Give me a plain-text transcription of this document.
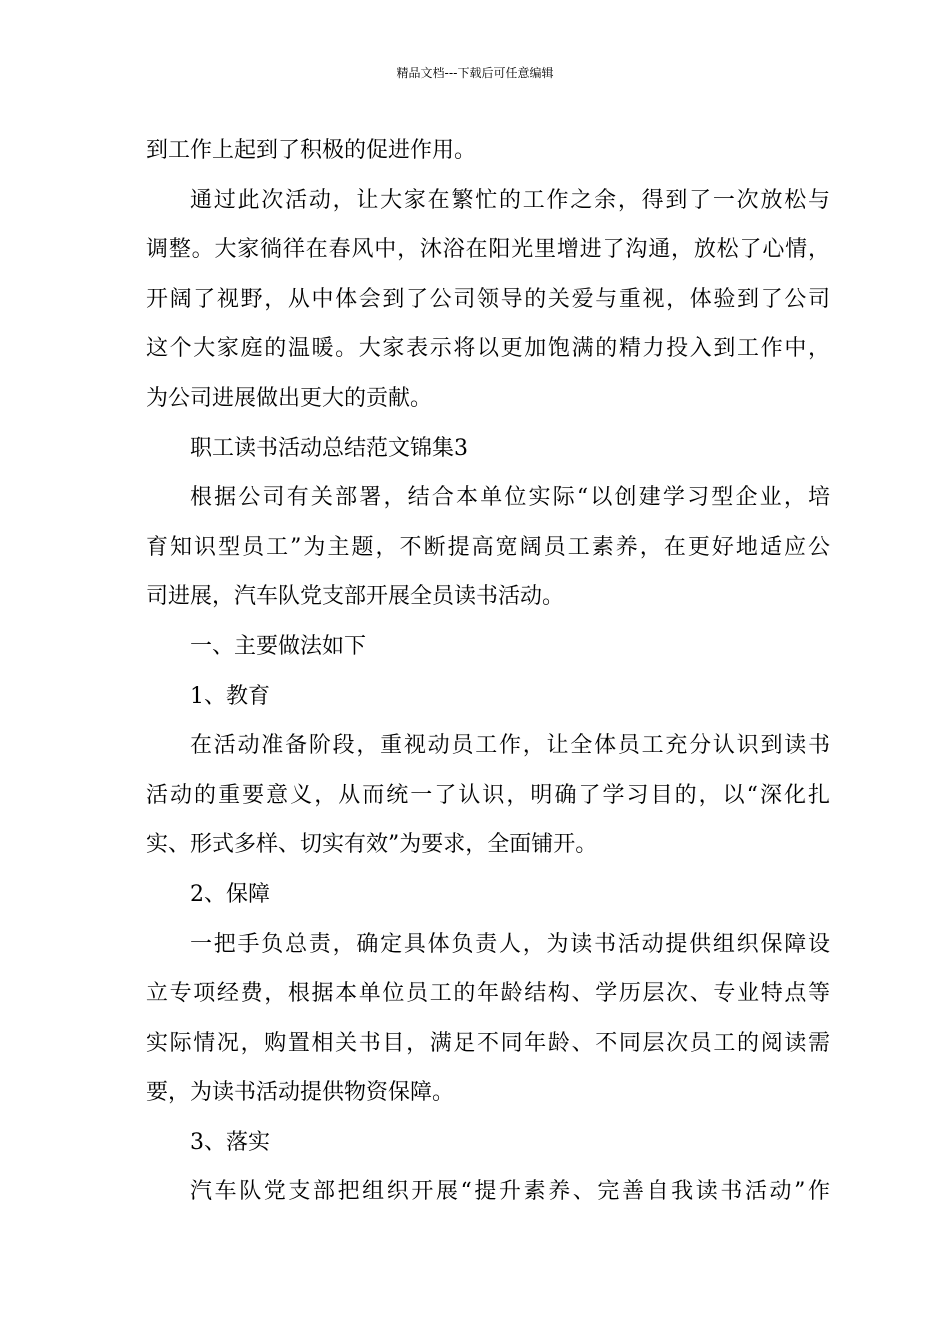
精品文档---下载后可任意编辑
到工作上起到了积极的促进作用。
通过此次活动，让大家在繁忙的工作之余，得到了一次放松与
调整。大家徜徉在春风中，沐浴在阳光里增进了沟通，放松了心情，
开阔了视野，从中体会到了公司领导的关爱与重视，体验到了公司
这个大家庭的温暖。大家表示将以更加饱满的精力投入到工作中，
为公司进展做出更大的贡献。
职工读书活动总结范文锦集3
根据公司有关部署，结合本单位实际“以创建学习型企业，培
育知识型员工”为主题，不断提高宽阔员工素养，在更好地适应公
司进展，汽车队党支部开展全员读书活动。
一、主要做法如下
1、教育
在活动准备阶段，重视动员工作，让全体员工充分认识到读书
活动的重要意义，从而统一了认识，明确了学习目的，以“深化扎
实、形式多样、切实有效”为要求，全面铺开。
2、保障
一把手负总责，确定具体负责人，为读书活动提供组织保障设
立专项经费，根据本单位员工的年龄结构、学历层次、专业特点等
实际情况，购置相关书目，满足不同年龄、不同层次员工的阅读需
要，为读书活动提供物资保障。
3、落实
汽车队党支部把组织开展“提升素养、完善自我读书活动”作
